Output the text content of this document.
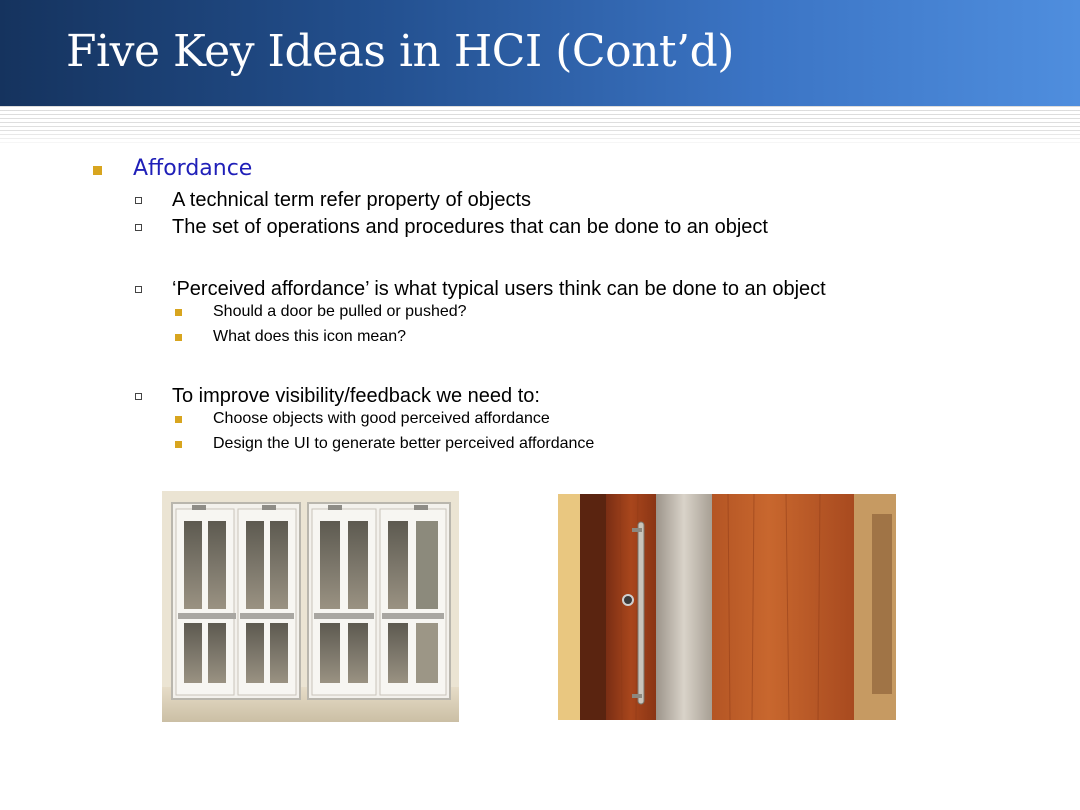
Five Key Ideas in HCI (Cont’d)
Affordance
A technical term refer property of objects
The set of operations and procedures that can be done to an object
‘Perceived affordance’ is what typical users think can be done to an object
Should a door be pulled or pushed?
What does this icon mean?
To improve visibility/feedback we need to:
Choose objects with good perceived affordance
Design the UI to generate better perceived affordance
